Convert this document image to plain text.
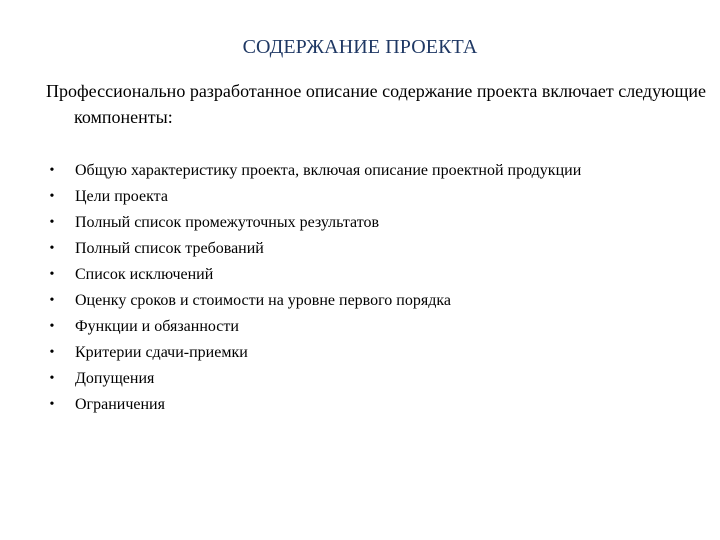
СОДЕРЖАНИЕ ПРОЕКТА
Профессионально разработанное описание содержание проекта включает следующие компоненты:
• Общую характеристику проекта, включая описание проектной продукции
• Цели проекта
• Полный список промежуточных результатов
• Полный список требований
• Список исключений
• Оценку сроков и стоимости на уровне первого порядка
• Функции и обязанности
• Критерии сдачи-приемки
• Допущения
• Ограничения
